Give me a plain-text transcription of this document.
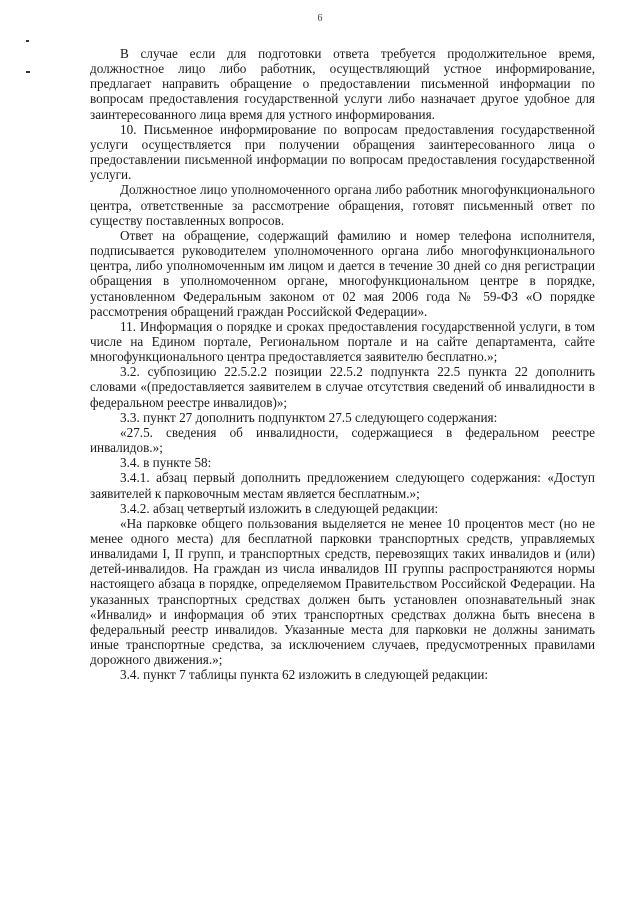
6

В случае если для подготовки ответа требуется продолжительное время, должностное лицо либо работник, осуществляющий устное информирование, предлагает направить обращение о предоставлении письменной информации по вопросам предоставления государственной услуги либо назначает другое удобное для заинтересованного лица время для устного информирования.

10. Письменное информирование по вопросам предоставления государственной услуги осуществляется при получении обращения заинтересованного лица о предоставлении письменной информации по вопросам предоставления государственной услуги.

Должностное лицо уполномоченного органа либо работник многофункционального центра, ответственные за рассмотрение обращения, готовят письменный ответ по существу поставленных вопросов.

Ответ на обращение, содержащий фамилию и номер телефона исполнителя, подписывается руководителем уполномоченного органа либо многофункционального центра, либо уполномоченным им лицом и дается в течение 30 дней со дня регистрации обращения в уполномоченном органе, многофункциональном центре в порядке, установленном Федеральным законом от 02 мая 2006 года № 59-ФЗ «О порядке рассмотрения обращений граждан Российской Федерации».

11. Информация о порядке и сроках предоставления государственной услуги, в том числе на Едином портале, Региональном портале и на сайте департамента, сайте многофункционального центра предоставляется заявителю бесплатно.»;

3.2. субпозицию 22.5.2.2 позиции 22.5.2 подпункта 22.5 пункта 22 дополнить словами «(предоставляется заявителем в случае отсутствия сведений об инвалидности в федеральном реестре инвалидов)»;

3.3. пункт 27 дополнить подпунктом 27.5 следующего содержания:

«27.5. сведения об инвалидности, содержащиеся в федеральном реестре инвалидов.»;

3.4. в пункте 58:

3.4.1. абзац первый дополнить предложением следующего содержания: «Доступ заявителей к парковочным местам является бесплатным.»;

3.4.2. абзац четвертый изложить в следующей редакции:

«На парковке общего пользования выделяется не менее 10 процентов мест (но не менее одного места) для бесплатной парковки транспортных средств, управляемых инвалидами I, II групп, и транспортных средств, перевозящих таких инвалидов и (или) детей-инвалидов. На граждан из числа инвалидов III группы распространяются нормы настоящего абзаца в порядке, определяемом Правительством Российской Федерации. На указанных транспортных средствах должен быть установлен опознавательный знак «Инвалид» и информация об этих транспортных средствах должна быть внесена в федеральный реестр инвалидов. Указанные места для парковки не должны занимать иные транспортные средства, за исключением случаев, предусмотренных правилами дорожного движения.»;

3.4. пункт 7 таблицы пункта 62 изложить в следующей редакции:
